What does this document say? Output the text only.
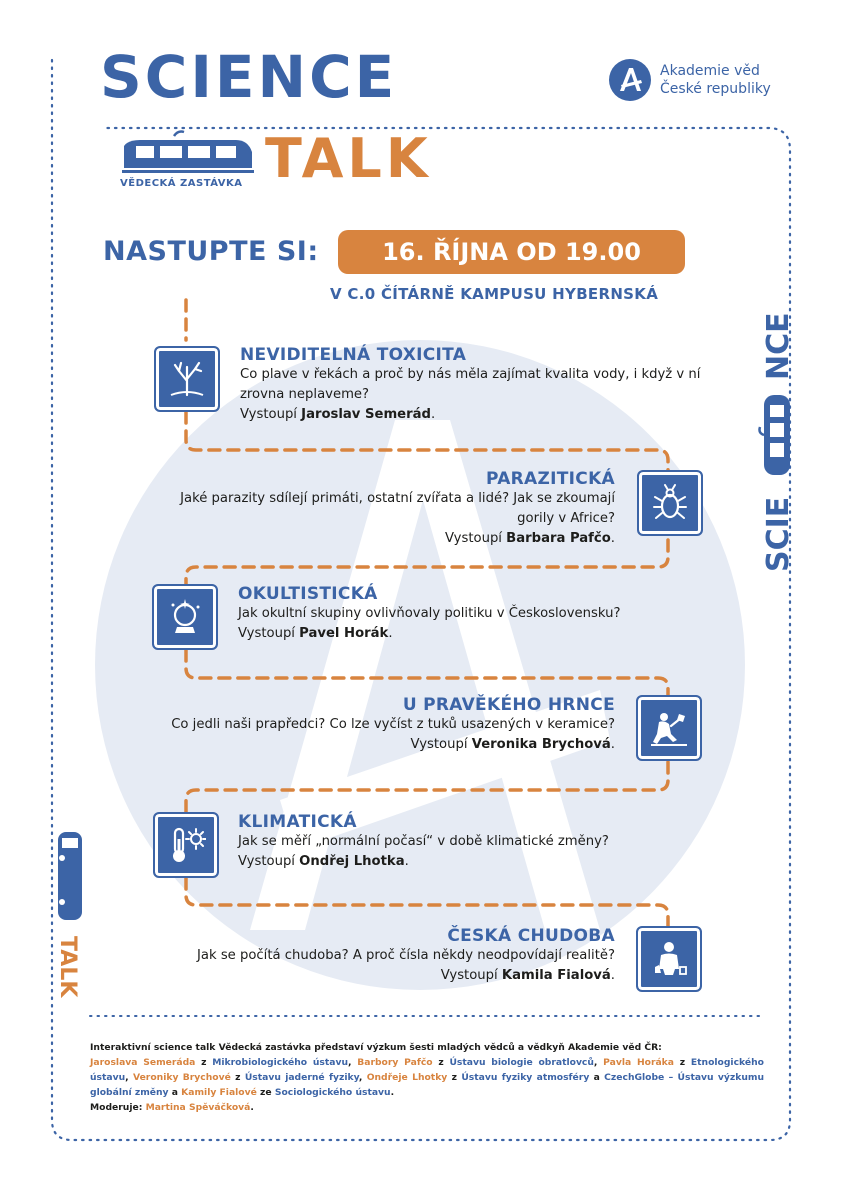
SCIENCE
VĚDECKÁ ZASTÁVKA TALK
Akademie věd
České republiky
NASTUPTE SI:	16. ŘÍJNA OD 19.00
V C.0 ČÍTÁRNĚ KAMPUSU HYBERNSKÁ
NEVIDITELNÁ TOXICITA
Co plave v řekách a proč by nás měla zajímat kvalita vody, i když v ní
zrovna neplaveme?
Vystoupí Jaroslav Semerád.
PARAZITICKÁ
Jaké parazity sdílejí primáti, ostatní zvířata a lidé? Jak se zkoumají
gorily v Africe?
Vystoupí Barbara Pafčo.
OKULTISTICKÁ
Jak okultní skupiny ovlivňovaly politiku v Československu?
Vystoupí Pavel Horák.
U PRAVĚKÉHO HRNCE
Co jedli naši prapředci? Co lze vyčíst z tuků usazených v keramice?
Vystoupí Veronika Brychová.
KLIMATICKÁ
Jak se měří „normální počasí“ v době klimatické změny?
Vystoupí Ondřej Lhotka.
ČESKÁ CHUDOBA
Jak se počítá chudoba? A proč čísla někdy neodpovídají realitě?
Vystoupí Kamila Fialová.
SCIE
NCE
TALK
Interaktivní science talk Vědecká zastávka představí výzkum šesti mladých vědců a vědkyň Akademie věd ČR:
Jaroslava Semeráda z Mikrobiologického ústavu, Barbory Pafčo z Ústavu biologie obratlovců, Pavla Horáka z Etnologického ústavu, Veroniky Brychové z Ústavu jaderné fyziky, Ondřeje Lhotky z Ústavu fyziky atmosféry a CzechGlobe – Ústavu výzkumu globální změny a Kamily Fialové ze Sociologického ústavu.
Moderuje: Martina Spěváčková.
